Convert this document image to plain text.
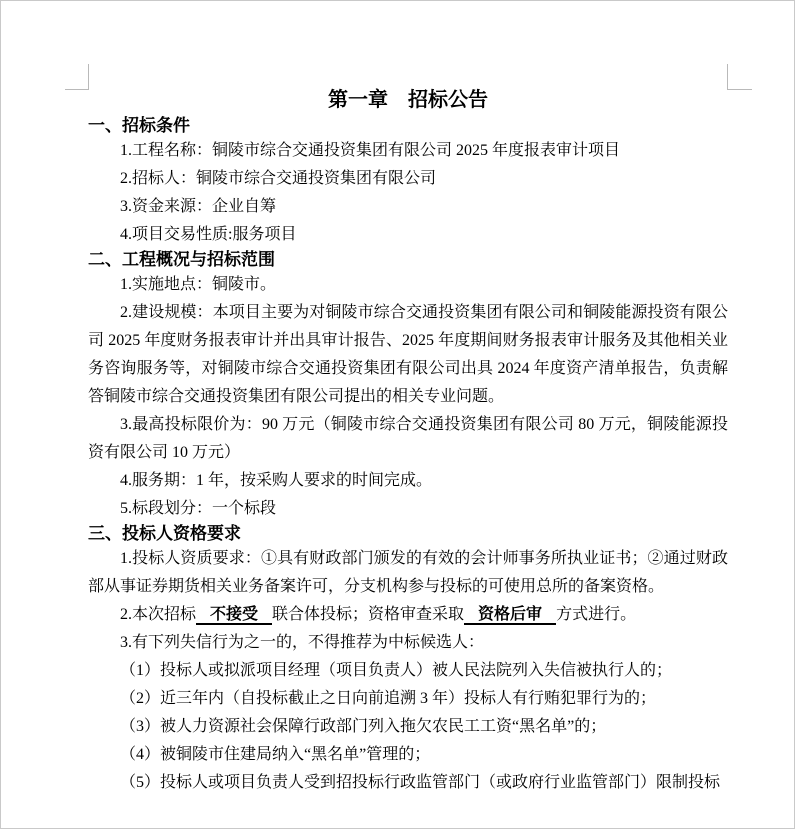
第一章　招标公告
一、招标条件

1.工程名称：铜陵市综合交通投资集团有限公司 2025 年度报表审计项目

2.招标人：铜陵市综合交通投资集团有限公司

3.资金来源：企业自筹

4.项目交易性质:服务项目

二、工程概况与招标范围

1.实施地点：铜陵市。

2.建设规模：本项目主要为对铜陵市综合交通投资集团有限公司和铜陵能源投资有限公司 2025 年度财务报表审计并出具审计报告、2025 年度期间财务报表审计服务及其他相关业务咨询服务等，对铜陵市综合交通投资集团有限公司出具 2024 年度资产清单报告，负责解答铜陵市综合交通投资集团有限公司提出的相关专业问题。

3.最高投标限价为：90 万元（铜陵市综合交通投资集团有限公司 80 万元，铜陵能源投资有限公司 10 万元）

4.服务期：1 年，按采购人要求的时间完成。

5.标段划分：一个标段

三、投标人资格要求

1.投标人资质要求：①具有财政部门颁发的有效的会计师事务所执业证书；②通过财政部从事证券期货相关业务备案许可，分支机构参与投标的可使用总所的备案资格。

2.本次招标 不接受 联合体投标；资格审查采取 资格后审 方式进行。

3.有下列失信行为之一的，不得推荐为中标候选人：

（1）投标人或拟派项目经理（项目负责人）被人民法院列入失信被执行人的；

（2）近三年内（自投标截止之日向前追溯 3 年）投标人有行贿犯罪行为的；

（3）被人力资源社会保障行政部门列入拖欠农民工工资“黑名单”的；

（4）被铜陵市住建局纳入“黑名单”管理的；

（5）投标人或项目负责人受到招投标行政监管部门（或政府行业监管部门）限制投标
